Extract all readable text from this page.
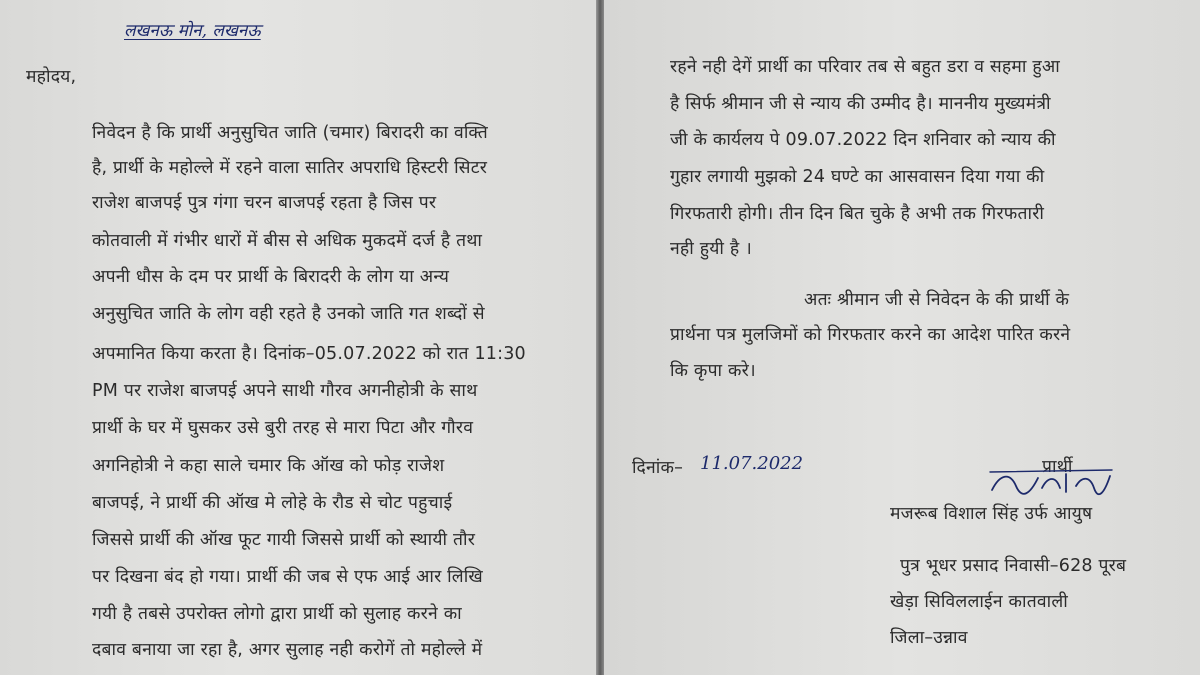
लखनऊ मोन, लखनऊ
महोदय,
निवेदन है कि प्रार्थी अनुसुचित जाति (चमार) बिरादरी का वक्ति
है, प्रार्थी के महोल्ले में रहने वाला सातिर अपराधि हिस्टरी सिटर
राजेश बाजपई पुत्र गंगा चरन बाजपई रहता है जिस पर
कोतवाली में गंभीर धारों में बीस से अधिक मुकदमें दर्ज है तथा
अपनी धौस के दम पर प्रार्थी के बिरादरी के लोग या अन्य
अनुसुचित जाति के लोग वही रहते है उनको जाति गत शब्दों से
अपमानित किया करता है। दिनांक–05.07.2022 को रात 11:30
PM पर राजेश बाजपई अपने साथी गौरव अगनीहोत्री के साथ
प्रार्थी के घर में घुसकर उसे बुरी तरह से मारा पिटा और गौरव
अगनिहोत्री ने कहा साले चमार कि ऑख को फोड़ राजेश
बाजपई, ने प्रार्थी की ऑख मे लोहे के रौड से चोट पहुचाई
जिससे प्रार्थी की ऑख फूट गायी जिससे प्रार्थी को स्थायी तौर
पर दिखना बंद हो गया। प्रार्थी की जब से एफ आई आर लिखि
गयी है तबसे उपरोक्त लोगो द्वारा प्रार्थी को सुलाह करने का
दबाव बनाया जा रहा है, अगर सुलाह नही करोगें तो महोल्ले में
रहने नही देगें प्रार्थी का परिवार तब से बहुत डरा व सहमा हुआ
है सिर्फ श्रीमान जी से न्याय की उम्मीद है। माननीय मुख्यमंत्री
जी के कार्यलय पे 09.07.2022 दिन शनिवार को न्याय की
गुहार लगायी मुझको 24 घण्टे का आसवासन दिया गया की
गिरफतारी होगी। तीन दिन बित चुके है अभी तक गिरफतारी
नही हुयी है ।
अतः श्रीमान जी से निवेदन के की प्रार्थी के
प्रार्थना पत्र मुलजिमों को गिरफतार करने का आदेश पारित करने
कि कृपा करे।
दिनांक– 11.07.2022	प्रार्थी
मजरूब विशाल सिंह उर्फ आयुष
पुत्र भूधर प्रसाद निवासी–628 पूरब
खेड़ा सिविललाईन कातवाली
जिला–उन्नाव
